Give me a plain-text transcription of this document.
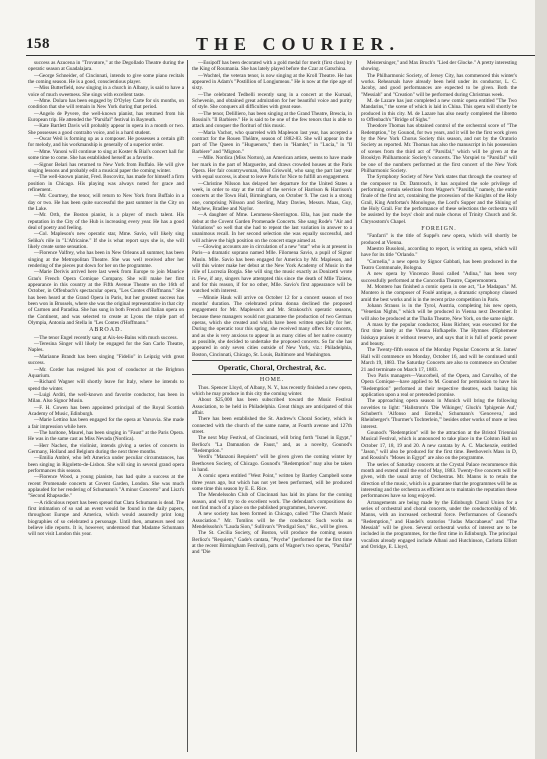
158	THE COURIER.

success as Azucena in "Trovatore," at the Degollado Theatre during the operatic season at Guadalajara.

—George Schneider, of Cincinnati, intends to give some piano recitals the coming season. He is a good, conscientious player.

—Miss Butterfield, now singing in a church in Albany, is said to have a voice of much sweetness. She sings with excellent taste.

—Mme. Dolaro has been engaged by D'Oyley Carte for six months, on condition that she will remain in New York during that period.

—Angelo de Pyvere, the well-known pianist, has returned from his European trip. He attended the "Parsifal" festival in Bayreuth.

—Kate Bartlett Davis will probably appear in opera in a month or two. She possesses a good contralto voice, and is a hard student.

—Oscar Weil is forming up as a composer. He possesses a certain gift for melody, and his workmanship is generally of a superior order.

—Mme. Vanoni will continue to sing at Koster & Bial's concert hall for some time to come. She has established herself as a favorite.

—Signor Belari has returned to New York from Buffalo. He will give singing lessons and probably edit a musical paper the coming winter.

—The well-known pianist, Fred. Boscovitz, has made for himself a firm position in Chicago. His playing was always noted for grace and refinement.

—Mr. Courtney, the tenor, will return to New York from Buffalo in a day or two. He has been quite successful the past summer in the City on the Lake.

—Mr. Orth, the Boston pianist, is a player of much talent. His reputation in the City of the Hub is increasing every year. He has a good deal of poetry and feeling.

—Col. Mapleson's new operatic star, Mme. Savio, will likely sing Selika's rôle in "L'Africaine." If she is what report says she is, she will likely create some sensation.

—Florence Valfrey, who has been in New Orleans all summer, has been singing at the Metropolitan Theatre. She was well received after her rendering of the pieces put down for her on the programme.

—Marie Derivis arrived here last week from Europe to join Maurice Grau's French Opera Comique Company. She will make her first appearance in this country at the Fifth Avenue Theatre on the 16th of October, in Offenbach's spectacular opera, "Les Contes d'Hoffmann." She has been heard at the Grand Opera in Paris, but her greatest success has been won in Brussels, where she was the original representative in that city of Carmen and Paradisa. She has sung in both French and Italian opera on the Continent, and was selected to create at Lyons the triple part of Olympia, Antonia and Stella in "Les Contes d'Hoffmann."

ABROAD.

—The tenor Engel recently sang at Aix-les-Bains with much success.

—Teresina Singer will likely be engaged for the San Carlo Theatre, Naples.

—Marianne Brandt has been singing "Fidelio" in Leipzig with great success.

—Mr. Corder has resigned his post of conductor at the Brighton Aquarium.

—Richard Wagner will shortly leave for Italy, where he intends to spend the winter.

—Luigi Arditi, the well-known and favorite conductor, has been in Milan. Also Signor Musin.

—F. H. Cowen has been appointed principal of the Royal Scottish Academy of Music, Edinburgh.

—Marie Lettino has been engaged for the opera at Varsovia. She made a fair impression while here.

—The baritone, Maurel, has been singing in "Faust" at the Paris Opera. He was in the same cast as Miss Nevada (Nordica).

—Herr Nachez, the violinist, intends giving a series of concerts in Germany, Holland and Belgium during the next three months.

—Emilia Ambré, who left America under peculiar circumstances, has been singing in Rigoletto-de-Lisbon. She will sing in several grand opera performances this season.

—Florence Wood, a young pianiste, has had quite a success at the recent Promenade concerts at Covent Garden, London. She was much applauded for her rendering of Schumann's "A minor Concerto" and Liszt's "Second Rhapsodie."

—A ridiculous report has been spread that Clara Schumann is dead. The first intimation of so sad an event would be found in the daily papers, throughout Europe and America, which would assuredly print long biographies of so celebrated a personage. Until then, amateurs need not believe idle reports. It is, however, understood that Madame Schumann will not visit London this year.

—Essipoff has been decorated with a gold medal for merit (first class) by the King of Roumania. She has lately played before the Czar at Gatschina.

—Wachtel, the veteran tenor, is now singing at the Kroll Theatre. He has appeared in Adam's "Postillion of Longjumeau." He is now at the ripe age of sixty.

—The celebrated Tedbelli recently sang in a concert at the Kursaal, Schevenin, and obtained great admiration for her beautiful voice and purity of style. She conquers all difficulties with great ease.

—The tenor, Delilliero, has been singing at the Grand Theatre, Brescia, in Rossini's "Il Barbiere." He is said to be one of the few tenors that is able to attack and conquer the florituri of this music.

—Maria Vachot, who quarreled with Mapleson last year, has accepted a contract for the Rouen Théâtre, season of 1882-83. She will appear in the part of The Queen in "Huguenots," then in "Hamlet," in "Lucia," in "Il Barbiere" and "Mignon."

—Mlle. Nordica (Miss Norton), an American artiste, seems to have made her mark in the part of Marguerite, and draws crowded houses at the Paris Opera. Her fair countrywoman, Miss Griswold, who sang the part last year with equal success, is about to leave Paris for Nice to fulfill an engagement.

—Christine Nilsson has delayed her departure for the United States a week, in order to stay at the trial of the service of Harrison & Harrison's concerts at the Town Hall, Birmingham, on October 9. The cast is a strong one, comprising Nilsson and Sterling, Mary Davies, Messrs. Maas, Guy, Mayhew, Bradlee and Naylor.

—A daughter of Mme. Lemmens-Sherrington. Ella, has just made the debut at the Covent Garden Promenade Concerts. She sang Rode's "Air and Variations" so well that she had to repeat the last variation in answer to a unanimous recall. In her second selection she was equally successful, and will achieve the high position on the concert stage aimed at.

—Glowing accounts are in circulation of a new "star" who is at present in Paris—a dramatic soprano named Mlle. Filomena Savio, a pupil of Signor Musin. Mlle. Savio has been engaged for America by Mr. Mapleson, and will this winter make her debut at the New York Academy of Music in the rôle of Lucrezia Borgia. She will sing the music exactly as Donizetti wrote it. Few, if any, singers have attempted this since the death of Mlle Tiziens, and for this reason, if for no other, Mlle. Savio's first appearance will be watched with interest.

—Minnie Hauk will arrive on October 12 for a concert season of two months' duration. The celebrated prima donna declined the proposed engagement for Mr. Mapleson's and Mr. Strakosch's operatic seasons, because these managers would not guarantee the production of two German operas, which she created and which have been written specially for her. During the operatic tour this spring, she received many offers for concerts, and as she is very anxious to appear in as many cities of her native country as possible, she decided to undertake the proposed concerts. So far she has appeared in only seven cities outside of New York, viz.: Philadelphia, Boston, Cincinnati, Chicago, St. Louis, Baltimore and Washington.

Operatic, Choral, Orchestral, &c.

HOME.

Thos. Spencer Lloyd, of Albany, N. Y., has recently finished a new opera, which he may produce in this city the coming winter.

About $25,000 has been subscribed toward the Music Festival Association, to be held in Philadelphia. Great things are anticipated of this affair.

There has been established the St. Andrew's Choral Society, which is connected with the church of the same name, at Fourth avenue and 127th street.

The next May Festival, of Cincinnati, will bring forth "Israel in Egypt," Berlioz's "La Damnation de Faust," and, as a novelty, Gounod's "Redemption."

Verdi's "Manzoni Requiem" will be given given the coming winter by Beethoven Society, of Chicago. Gounod's "Redemption" may also be taken in hand.

A comic opera entitled "West Point," written by Bartley Campbell some three years ago, but which has not yet been performed, will be produced some time this season by E. E. Rice.

The Mendelssohn Club of Cincinnati has laid its plans for the coming season, and will try to do excellent work. The defendant's compositions do not find much of a place on the published programmes, however.

A new society has been formed in Chicago, called "The Church Music Association." Mr. Tomlins will be the conductor. Such works as Mendelssohn's "Lauda Sion," Sullivan's "Prodigal Son," &c., will be given.

The St. Cecilia Society, of Boston, will produce the coming season Berlioz's "Requiem," Gade's cantata, "Psyche" (performed for the first time at the recent Birmingham Festival), parts of Wagner's two operas, "Parsifal" and "Die

Meistersinger," and Max Bruch's "Lied der Glocke." A pretty interesting showing.

The Philharmonic Society, of Jersey City, has commenced this winter's works. Rehearsals have already been held under its conductor, L. C. Jacoby, and good performances are expected to be given. Both the "Messiah" and "Creation" will be performed during Christmas week.

M. de Lazare has just completed a new comic opera entitled "The Two Mandarins," the scene of which is laid in China. This opera will shortly be produced in this city. M. de Lazare has also nearly completed the libretto to Offenbach's "Bridge of Sighs."

Theodore Thomas has obtained control of the orchestral score of "The Redemption," by Gounod, for two years, and it will be the first work given by the New York Chorus Society this season, and not by the Oratorio Society as reported. Mr. Thomas has also the manuscript in his possession of scenes from the third act of "Parsifal," which will be given at the Brooklyn Philharmonic Society's concerts. The Vorspiel to "Parsifal" will be one of the numbers performed at the first concert of the New York Philharmonic Society.

The Symphony Society of New York states that through the courtesy of the composer to Dr. Damrosch, it has acquired the sole privilege of performing certain selections from Wagner's "Parsifal," namely, the entire finale of the first act, containing the procession of the Knights of the Holy Grail, King Amfortas's Monologue, the Lord's Supper and the Shining of the Holy Grail. For the performance of these selections the orchestra will be assisted by the boys' choir and male chorus of Trinity Church and St. Chrysostom's Chapel.

FOREIGN.

"Fanfarri" is the title of Suppé's new opera, which will shortly be produced at Vienna.

Maestro Busoloni, according to report, is writing an opera, which will have for its title "Orlando."

"Cornelia," a new opera by Signor Gabbati, has been produced in the Teatro Communale, Bologna.

A new opera by Vincenzo Bossi called "Adina," has been very successfully performed at the Concordia Theatre, Caperemontera.

M. Montero has finished a comic opera in one act, "Le Madapan." M. Montero is the composer of Foulé antique, a dramatic symphony classed amid the best works and is in the recent prize competition in Paris.

Johann Strauss is in the Tyrol, Austria, completing his new opera, "Venetian Nights," which will be produced in Vienna next December. It will also be produced at the Thalia Theatre, New York, on the same night.

A mass by the popular conductor, Hans Richter, was executed for the first time lately at the Vienna Hofkapelle. The Hymnes d'Ephemene Isiskaya praises it without reserve, and says that it is full of poetic power and beauty.

The Twenty-fifth season of the Monday Popular Concerts at St. James' Hall will commence on Monday, October 16, and will be continued until March 19, 1883. The Saturday Concerts are also to commence on October 21 and terminate on March 17, 1883.

Two Paris managers—Vaucorbeil, of the Opera, and Carvalho, of the Opera Comique—have applied to M. Gounod for permission to have his "Redemption" performed at their respective theatres, each basing his application upon a real or pretended promise.

The approaching opera season in Munich will bring the following novelties to light: "Hallstrom's 'Die Wikinger,' Gluck's 'Iphigenie Auf,' Schubert's 'Alfonso and Estrella,' Schumann's 'Genoveva,' and Rheinberger's 'Thurmer's Tochterlein,'" besides other works of more or less interest.

Gounod's "Redemption" will be the attraction at the Bristol Triennial Musical Festival, which is announced to take place in the Colston Hall on October 17, 18, 19 and 20. A new cantata by A. C. Mackenzie, entitled "Jason," will also be produced for the first time. Beethoven's Mass in D, and Rossini's "Moses in Egypt" are also on the programme.

The series of Saturday concerts at the Crystal Palace recommence this month and extend until the end of May, 1883. Twenty-five concerts will be given, with the usual array of Orchestras. Mr. Manns is to retain the direction of the music, which is a guarantee that the programmes will be as interesting and the orchestra as efficient as to maintain the reputation these performances have so long enjoyed.

Arrangements are being made by the Edinburgh Choral Union for a series of orchestral and choral concerts, under the conductorship of Mr. Manns, with an increased orchestral force. Performances of Gounod's "Redemption," and Handel's oratorios "Judas Maccabaeus" and "The Messiah" will be given. Several orchestral works of interest are to be included in the programmes, for the first time in Edinburgh. The principal vocalists already engaged include Albani and Hutchinson, Carlotta Elliott and Orridge, E. Lloyd,
